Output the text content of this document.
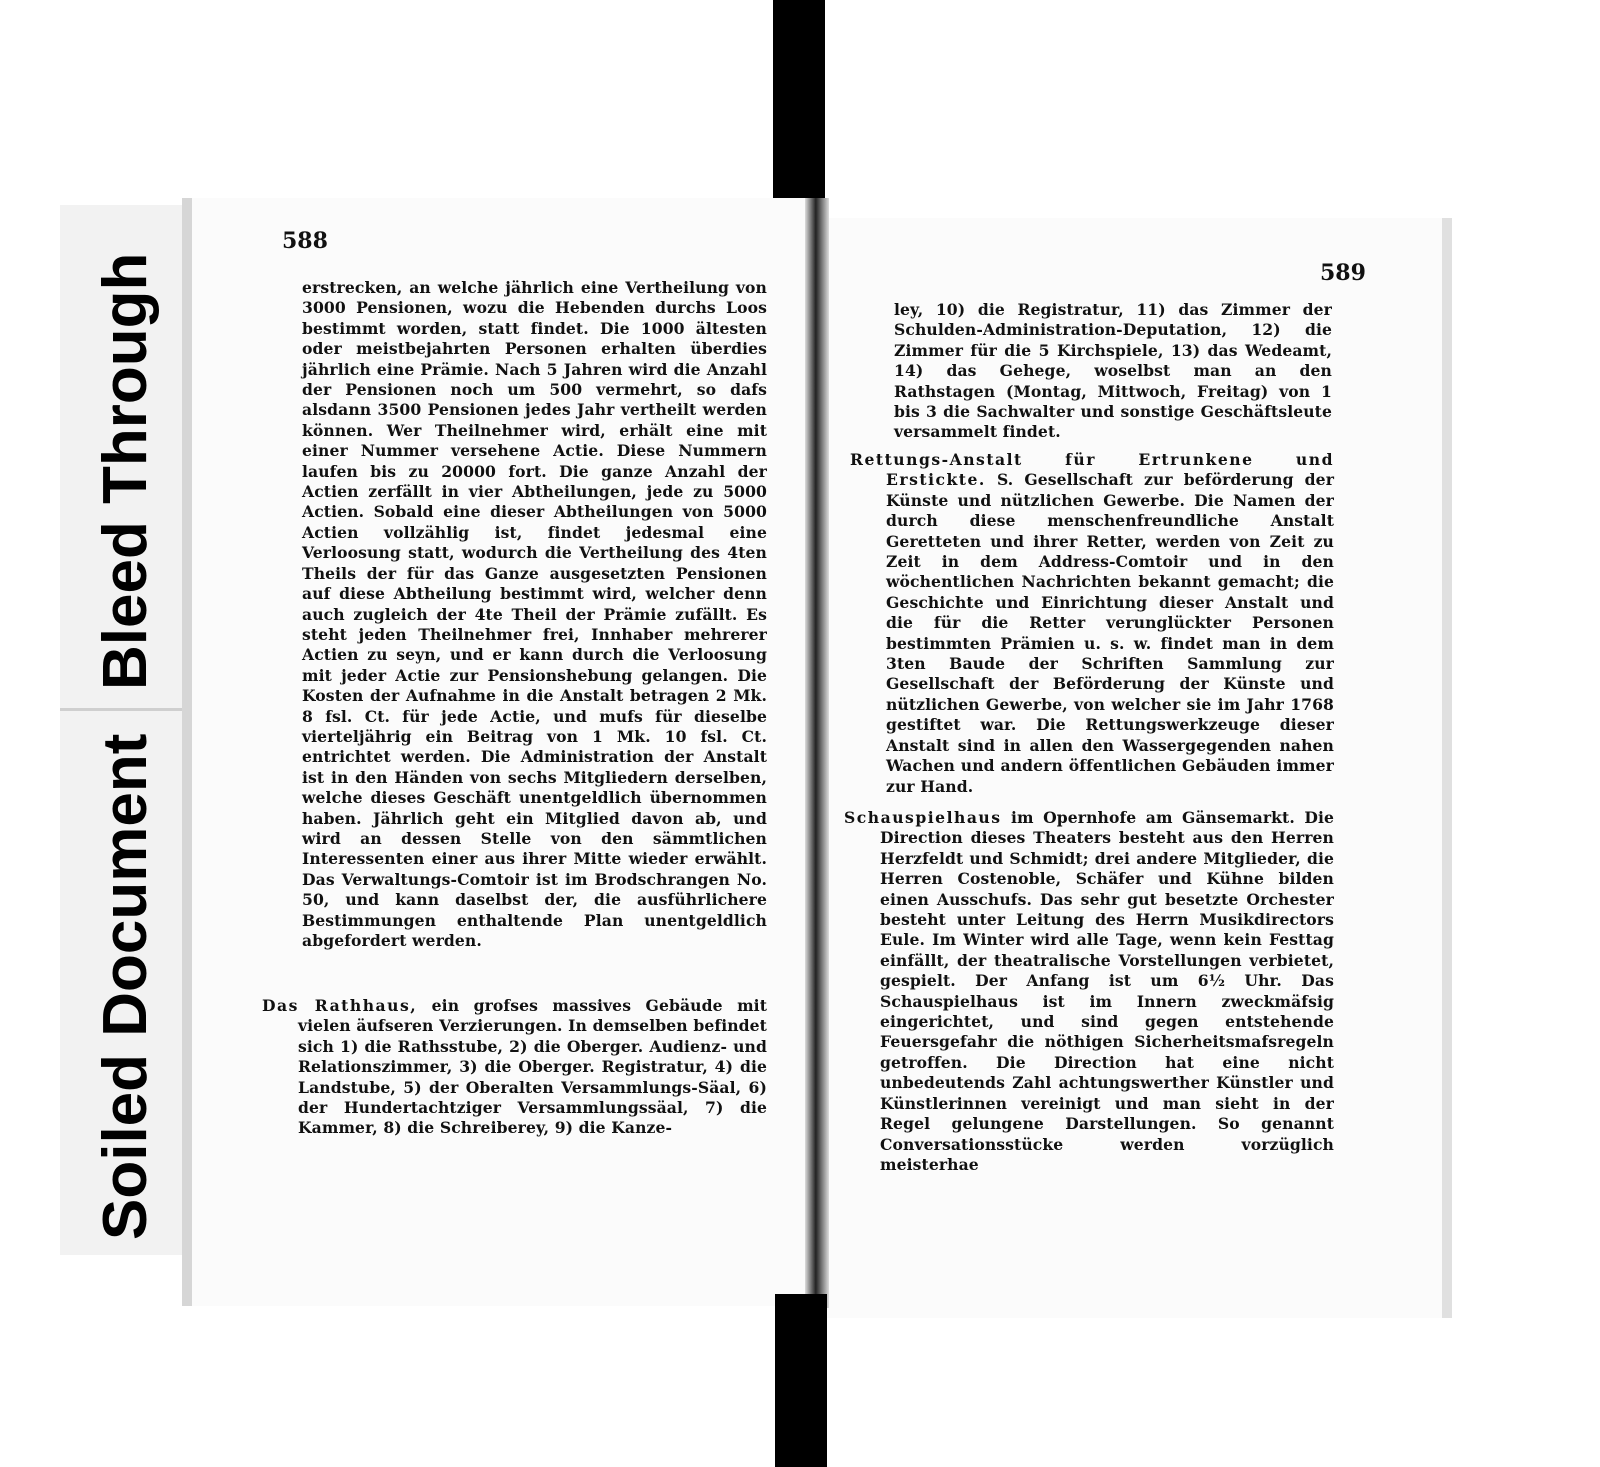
Soiled Document
Bleed Through
588
589

erstrecken, an welche jährlich eine Vertheilung von 3000 Pensionen, wozu die Hebenden durchs Loos bestimmt worden, statt findet. Die 1000 ältesten oder meistbejahrten Personen erhalten überdies jährlich eine Prämie. Nach 5 Jahren wird die Anzahl der Pensionen noch um 500 vermehrt, so dafs alsdann 3500 Pensionen jedes Jahr vertheilt werden können. Wer Theilnehmer wird, erhält eine mit einer Nummer versehene Actie. Diese Nummern laufen bis zu 20000 fort. Die ganze Anzahl der Actien zerfällt in vier Abtheilungen, jede zu 5000 Actien. Sobald eine dieser Abtheilungen von 5000 Actien vollzählig ist, findet jedesmal eine Verloosung statt, wodurch die Vertheilung des 4ten Theils der für das Ganze ausgesetzten Pensionen auf diese Abtheilung bestimmt wird, welcher denn auch zugleich der 4te Theil der Prämie zufällt. Es steht jeden Theilnehmer frei, Innhaber mehrerer Actien zu seyn, und er kann durch die Verloosung mit jeder Actie zur Pensionshebung gelangen. Die Kosten der Aufnahme in die Anstalt betragen 2 Mk. 8 fsl. Ct. für jede Actie, und mufs für dieselbe vierteljährig ein Beitrag von 1 Mk. 10 fsl. Ct. entrichtet werden. Die Administration der Anstalt ist in den Händen von sechs Mitgliedern derselben, welche dieses Geschäft unentgeldlich übernommen haben. Jährlich geht ein Mitglied davon ab, und wird an dessen Stelle von den sämmtlichen Interessenten einer aus ihrer Mitte wieder erwählt. Das Verwaltungs-Comtoir ist im Brodschrangen No. 50, und kann daselbst der, die ausführlichere Bestimmungen enthaltende Plan unentgeldlich abgefordert werden.

Das Rathhaus, ein grofses massives Gebäude mit vielen äufseren Verzierungen. In demselben befindet sich 1) die Rathsstube, 2) die Oberger. Audienz- und Relationszimmer, 3) die Oberger. Registratur, 4) die Landstube, 5) der Oberalten Versammlungs-Säal, 6) der Hundertachtziger Versammlungssäal, 7) die Kammer, 8) die Schreiberey, 9) die Kanze-

ley, 10) die Registratur, 11) das Zimmer der Schulden-Administration-Deputation, 12) die Zimmer für die 5 Kirchspiele, 13) das Wedeamt, 14) das Gehege, woselbst man an den Rathstagen (Montag, Mittwoch, Freitag) von 1 bis 3 die Sachwalter und sonstige Geschäftsleute versammelt findet.

Rettungs-Anstalt für Ertrunkene und Erstickte. S. Gesellschaft zur beförderung der Künste und nützlichen Gewerbe. Die Namen der durch diese menschenfreundliche Anstalt Geretteten und ihrer Retter, werden von Zeit zu Zeit in dem Address-Comtoir und in den wöchentlichen Nachrichten bekannt gemacht; die Geschichte und Einrichtung dieser Anstalt und die für die Retter verunglückter Personen bestimmten Prämien u. s. w. findet man in dem 3ten Baude der Schriften Sammlung zur Gesellschaft der Beförderung der Künste und nützlichen Gewerbe, von welcher sie im Jahr 1768 gestiftet war. Die Rettungswerkzeuge dieser Anstalt sind in allen den Wassergegenden nahen Wachen und andern öffentlichen Gebäuden immer zur Hand.

Schauspielhaus im Opernhofe am Gänsemarkt. Die Direction dieses Theaters besteht aus den Herren Herzfeldt und Schmidt; drei andere Mitglieder, die Herren Costenoble, Schäfer und Kühne bilden einen Ausschufs. Das sehr gut besetzte Orchester besteht unter Leitung des Herrn Musikdirectors Eule. Im Winter wird alle Tage, wenn kein Festtag einfällt, der theatralische Vorstellungen verbietet, gespielt. Der Anfang ist um 6½ Uhr. Das Schauspielhaus ist im Innern zweckmäfsig eingerichtet, und sind gegen entstehende Feuersgefahr die nöthigen Sicherheitsmafsregeln getroffen. Die Direction hat eine nicht unbedeutends Zahl achtungswerther Künstler und Künstlerinnen vereinigt und man sieht in der Regel gelungene Darstellungen. So genannt Conversationsstücke werden vorzüglich meisterhae
